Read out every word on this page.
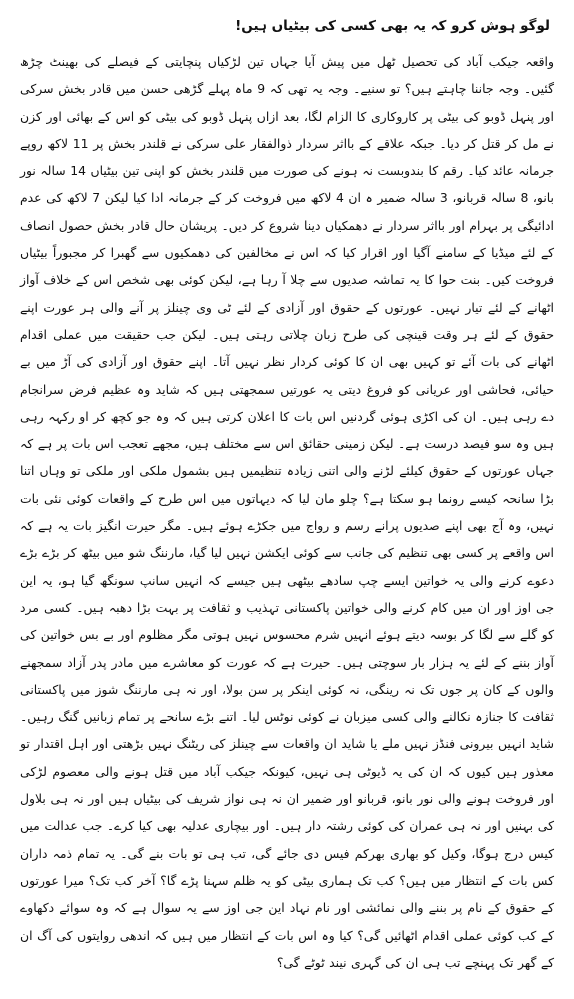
لوگو ہوش کرو کہ یہ بھی کسی کی بیٹیاں ہیں!

واقعہ جیکب آباد کی تحصیل ٹھل میں پیش آیا جہاں تین لڑکیاں پنچایتی کے فیصلے کی بھینٹ چڑھ گئیں۔ وجہ جاننا چاہتے ہیں؟ تو سنیے۔ وجہ یہ تھی کہ 9 ماہ پہلے گڑھی حسن میں قادر بخش سرکی اور پنہل ڈوبو کی بیٹی پر کاروکاری کا الزام لگا، بعد ازاں پنہل ڈوبو کی بیٹی کو اس کے بھائی اور کزن نے مل کر قتل کر دیا۔ جبکہ علاقے کے بااثر سردار ذوالفقار علی سرکی نے قلندر بخش پر 11 لاکھ روپے جرمانہ عائد کیا۔ رقم کا بندوبست نہ ہونے کی صورت میں قلندر بخش کو اپنی تین بیٹیاں 14 سالہ نور بانو، 8 سالہ قربانو، 3 سالہ ضمیر ہ ان 4 لاکھ میں فروخت کر کے جرمانہ ادا کیا لیکن 7 لاکھ کی عدم ادائیگی پر بہرام اور بااثر سردار نے دھمکیاں دینا شروع کر دیں۔ پریشان حال قادر بخش حصول انصاف کے لئے میڈیا کے سامنے آگیا اور اقرار کیا کہ اس نے مخالفین کی دھمکیوں سے گھبرا کر مجبوراً بیٹیاں فروخت کیں۔ بنت حوا کا یہ تماشہ صدیوں سے چلا آ رہا ہے، لیکن کوئی بھی شخص اس کے خلاف آواز اٹھانے کے لئے تیار نہیں۔ عورتوں کے حقوق اور آزادی کے لئے ٹی وی چینلز پر آنے والی ہر عورت اپنے حقوق کے لئے ہر وقت قینچی کی طرح زبان چلاتی رہتی ہیں۔ لیکن جب حقیقت میں عملی اقدام اٹھانے کی بات آئے تو کہیں بھی ان کا کوئی کردار نظر نہیں آتا۔ اپنے حقوق اور آزادی کی آڑ میں بے حیائی، فحاشی اور عریانی کو فروغ دیتی یہ عورتیں سمجھتی ہیں کہ شاید وہ عظیم فرض سرانجام دے رہی ہیں۔ ان کی اکڑی ہوئی گردنیں اس بات کا اعلان کرتی ہیں کہ وہ جو کچھ کر او رکہہ رہی ہیں وہ سو فیصد درست ہے۔ لیکن زمینی حقائق اس سے مختلف ہیں، مجھے تعجب اس بات پر ہے کہ جہاں عورتوں کے حقوق کیلئے لڑنے والی اتنی زیادہ تنظیمیں ہیں بشمول ملکی اور ملکی تو وہاں اتنا بڑا سانحہ کیسے رونما ہو سکتا ہے؟ چلو مان لیا کہ دیہاتوں میں اس طرح کے واقعات کوئی نئی بات نہیں، وہ آج بھی اپنے صدیوں پرانے رسم و رواج میں جکڑے ہوئے ہیں۔ مگر حیرت انگیز بات یہ ہے کہ اس واقعے پر کسی بھی تنظیم کی جانب سے کوئی ایکشن نہیں لیا گیا، مارننگ شو میں بیٹھ کر بڑے بڑے دعوے کرنے والی یہ خواتین ایسے چپ سادھے بیٹھی ہیں جیسے کہ انہیں سانپ سونگھ گیا ہو، یہ این جی اوز اور ان میں کام کرنے والی خواتین پاکستانی تہذیب و ثقافت پر بہت بڑا دھبہ ہیں۔ کسی مرد کو گلے سے لگا کر بوسہ دیتے ہوئے انہیں شرم محسوس نہیں ہوتی مگر مظلوم اور بے بس خواتین کی آواز بننے کے لئے یہ ہزار بار سوچتی ہیں۔ حیرت ہے کہ عورت کو معاشرے میں مادر پدر آزاد سمجھنے والوں کے کان پر جوں تک نہ رینگی، نہ کوئی اینکر پر سن بولا، اور نہ ہی مارننگ شوز میں پاکستانی ثقافت کا جنازہ نکالنے والی کسی میزبان نے کوئی نوٹس لیا۔ اتنے بڑے سانحے پر تمام زبانیں گنگ رہیں۔ شاید انہیں بیرونی فنڈز نہیں ملے یا شاید ان واقعات سے چینلز کی ریٹنگ نہیں بڑھتی اور اہل اقتدار تو معذور ہیں کیوں کہ ان کی یہ ڈیوٹی ہی نہیں، کیونکہ جیکب آباد میں قتل ہونے والی معصوم لڑکی اور فروخت ہونے والی نور بانو، قربانو اور ضمیر ان نہ ہی نواز شریف کی بیٹیاں ہیں اور نہ ہی بلاول کی بہنیں اور نہ ہی عمران کی کوئی رشتہ دار ہیں۔ اور بیچاری عدلیہ بھی کیا کرے۔ جب عدالت میں کیس درج ہوگا، وکیل کو بھاری بھرکم فیس دی جائے گی، تب ہی تو بات بنے گی۔ یہ تمام ذمہ داران کس بات کے انتظار میں ہیں؟ کب تک ہماری بیٹی کو یہ ظلم سہنا پڑے گا؟ آخر کب تک؟ میرا عورتوں کے حقوق کے نام پر بننے والی نمائشی اور نام نہاد این جی اوز سے یہ سوال ہے کہ وہ سوائے دکھاوے کے کب کوئی عملی اقدام اٹھائیں گی؟ کیا وہ اس بات کے انتظار میں ہیں کہ اندھی روایتوں کی آگ ان کے گھر تک پہنچے تب ہی ان کی گہری نیند ٹوٹے گی؟
